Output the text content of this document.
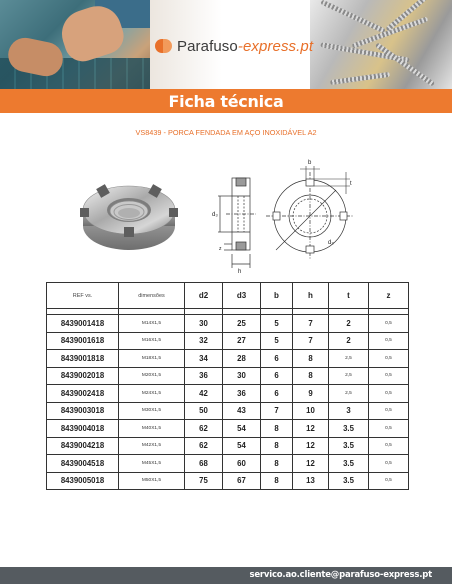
Parafuso-express.pt
Ficha técnica
VS8439 - PORCA FENDADA EM AÇO INOXIDÁVEL A2
d₃
h
z
b
t
d₂
REF vs.	dimensões	d2	d3	b	h	t	z

8439001418	M14X1,5	30	25	5	7	2	0,5
8439001618	M16X1,5	32	27	5	7	2	0,5
8439001818	M18X1,5	34	28	6	8	2,5	0,5
8439002018	M20X1,5	36	30	6	8	2,5	0,5
8439002418	M24X1,5	42	36	6	9	2,5	0,5
8439003018	M30X1,5	50	43	7	10	3	0,5
8439004018	M40X1,5	62	54	8	12	3.5	0,5
8439004218	M42X1,5	62	54	8	12	3.5	0,5
8439004518	M45X1,5	68	60	8	12	3.5	0,5
8439005018	M50X1,5	75	67	8	13	3.5	0,5
servico.ao.cliente@parafuso-express.pt
